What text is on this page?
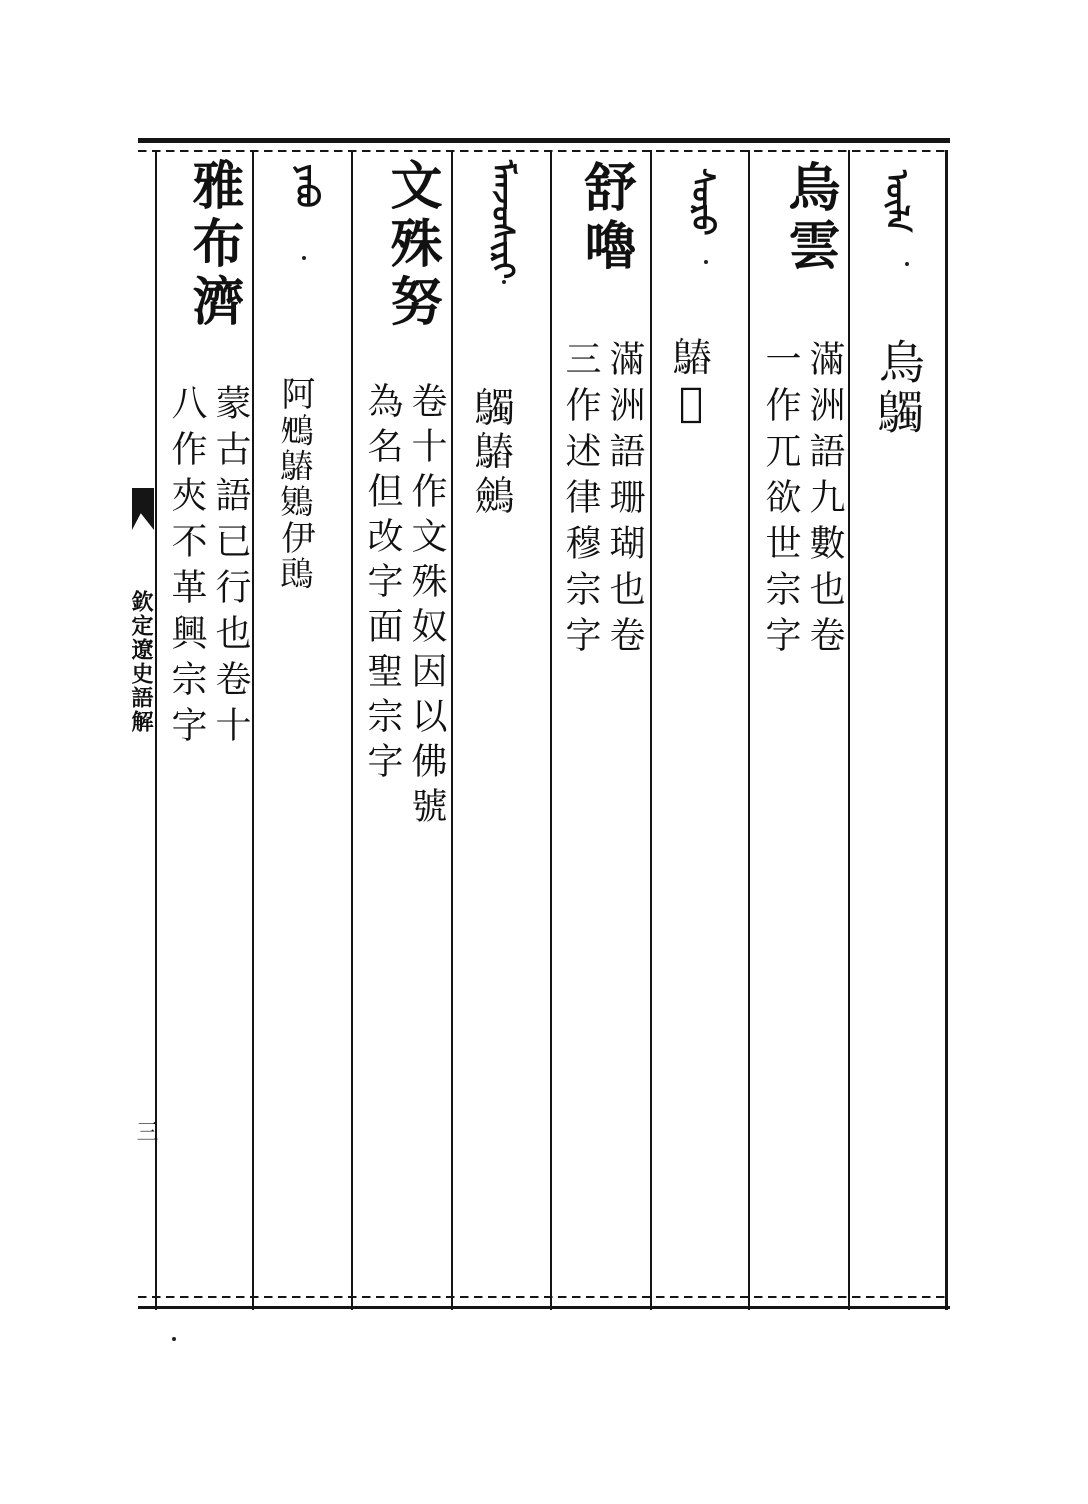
欽定遼史語解
三
ᠥᠯᠡ
烏𪇆
烏雲
滿洲語九數也卷
一作兀欲世宗字
ᠰᠤᠷᠤ
𪄻𪄨
舒嚕
滿洲語珊瑚也卷
三作述律穆宗字
ᠮᠠᠨᠵᠤᠰᠢᠷᠢ
𪇆𪄻𪇇
文殊努
卷十作文殊奴因以佛號
為名但改字面聖宗字
ᠶᠠᠪᠤ
阿𪀈𪄻𪃃伊𪁜
雅布濟
蒙古語已行也卷十
八作夾不革興宗字
